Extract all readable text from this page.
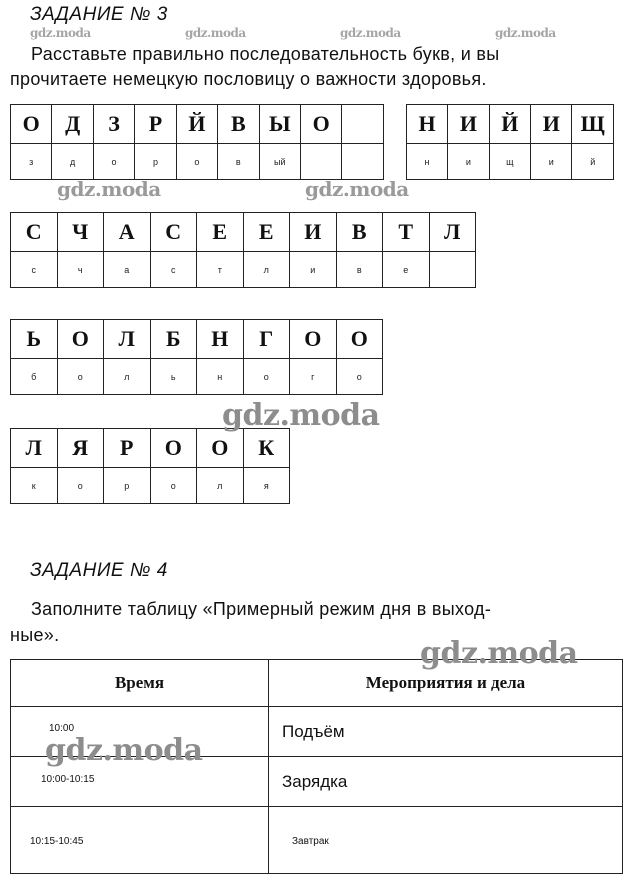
ЗАДАНИЕ № 3
Расставьте правильно последовательность букв, и вы
прочитаете немецкую пословицу о важности здоровья.
О	Д	З	Р	Й	В	Ы	О			Н	И	Й	И	Щ
з	д	о	р	о	в	ый				н	и	щ	и	й
С	Ч	А	С	Е	Е	И	В	Т	Л
с	ч	а	с	т	л	и	в	е	
Ь	О	Л	Б	Н	Г	О	О
б	о	л	ь	н	о	г	о
Л	Я	Р	О	О	К
к	о	р	о	л	я
ЗАДАНИЕ № 4
Заполните таблицу «Примерный режим дня в выход-
ные».
Время	Мероприятия и дела
$^{10:00}$	Подъём
$^{10:00-10:15}$	Зарядка
10:15-10:45	Завтрак
gdz.moda	gdz.moda	gdz.moda	gdz.moda
gdz.moda	gdz.moda
gdz.moda
gdz.moda
gdz.moda
